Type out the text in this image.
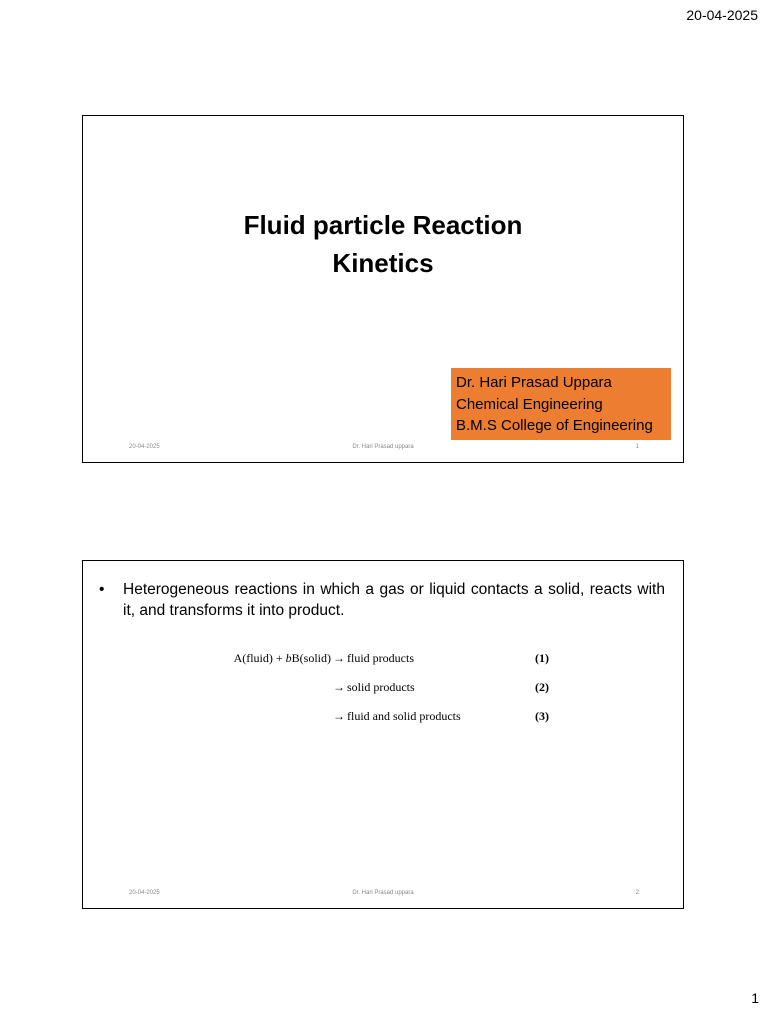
20-04-2025
Fluid particle Reaction
Kinetics
Dr. Hari Prasad Uppara
Chemical Engineering
B.M.S College of Engineering
20-04-2025	Dr. Hari Prasad uppara	1
•	Heterogeneous reactions in which a gas or liquid contacts a solid, reacts with it, and transforms it into product.
A(fluid) + bB(solid) → fluid products	(1)
→ solid products	(2)
→ fluid and solid products	(3)
20-04-2025	Dr. Hari Prasad uppara	2
1
